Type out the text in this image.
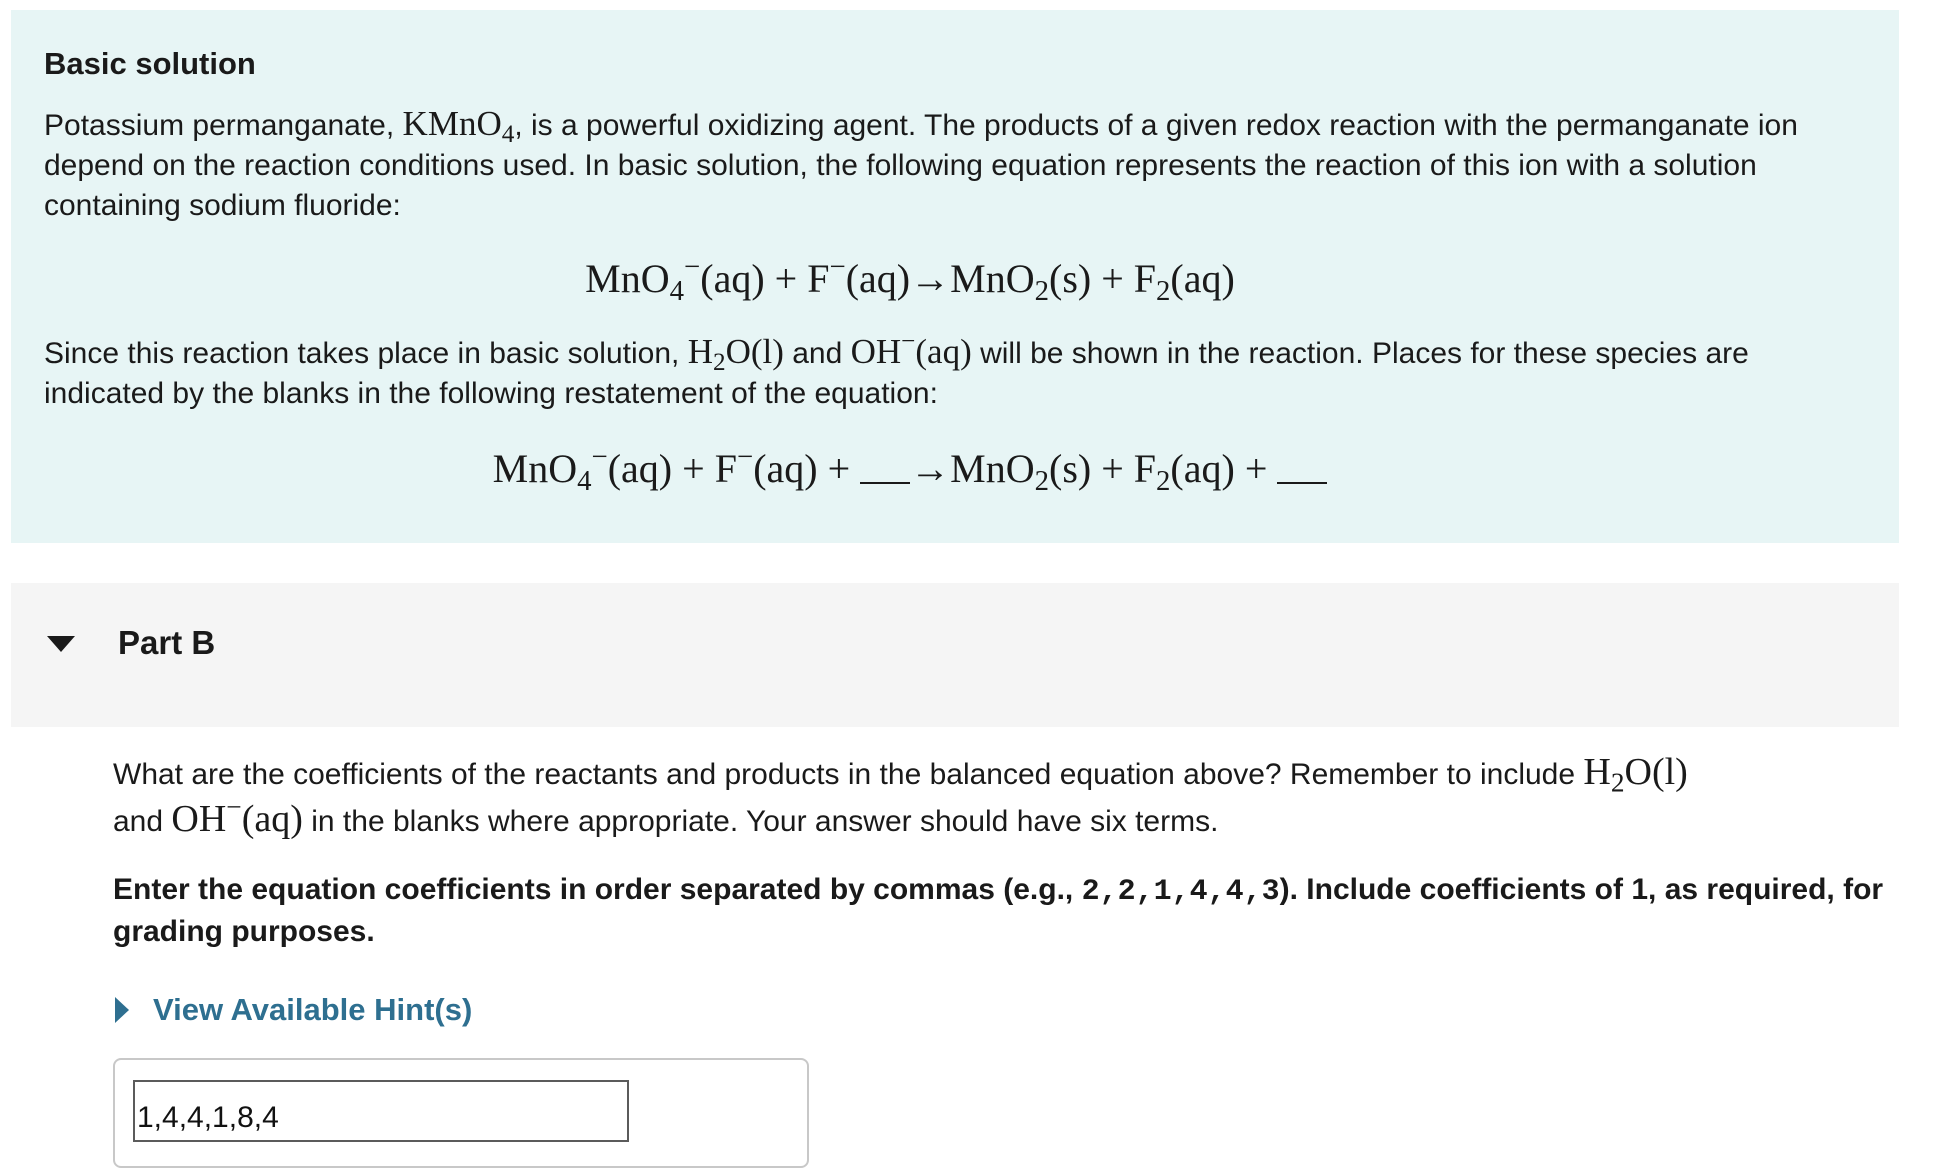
Basic solution

Potassium permanganate, KMnO$_4$, is a powerful oxidizing agent. The products of a given redox reaction with the permanganate ion depend on the reaction conditions used. In basic solution, the following equation represents the reaction of this ion with a solution containing sodium fluoride:

$MnO_4^-(aq) + F^-(aq)\to MnO_2(s) + F_2(aq)$

Since this reaction takes place in basic solution, $H_2O(l)$ and OH−(aq) will be shown in the reaction. Places for these species are indicated by the blanks in the following restatement of the equation:

$MnO_4^-(aq) + F^-(aq) + \to MnO_2(s) + F_2(aq)$ +
Part B

What are the coefficients of the reactants and products in the balanced equation above? Remember to include $H_2O(l)$
and OH−(aq) in the blanks where appropriate. Your answer should have six terms.

Enter the equation coefficients in order separated by commas (e.g., 2,2,1,4,4,3). Include coefficients of 1, as required, for grading purposes.

View Available Hint(s)
1,4,4,1,8,4
